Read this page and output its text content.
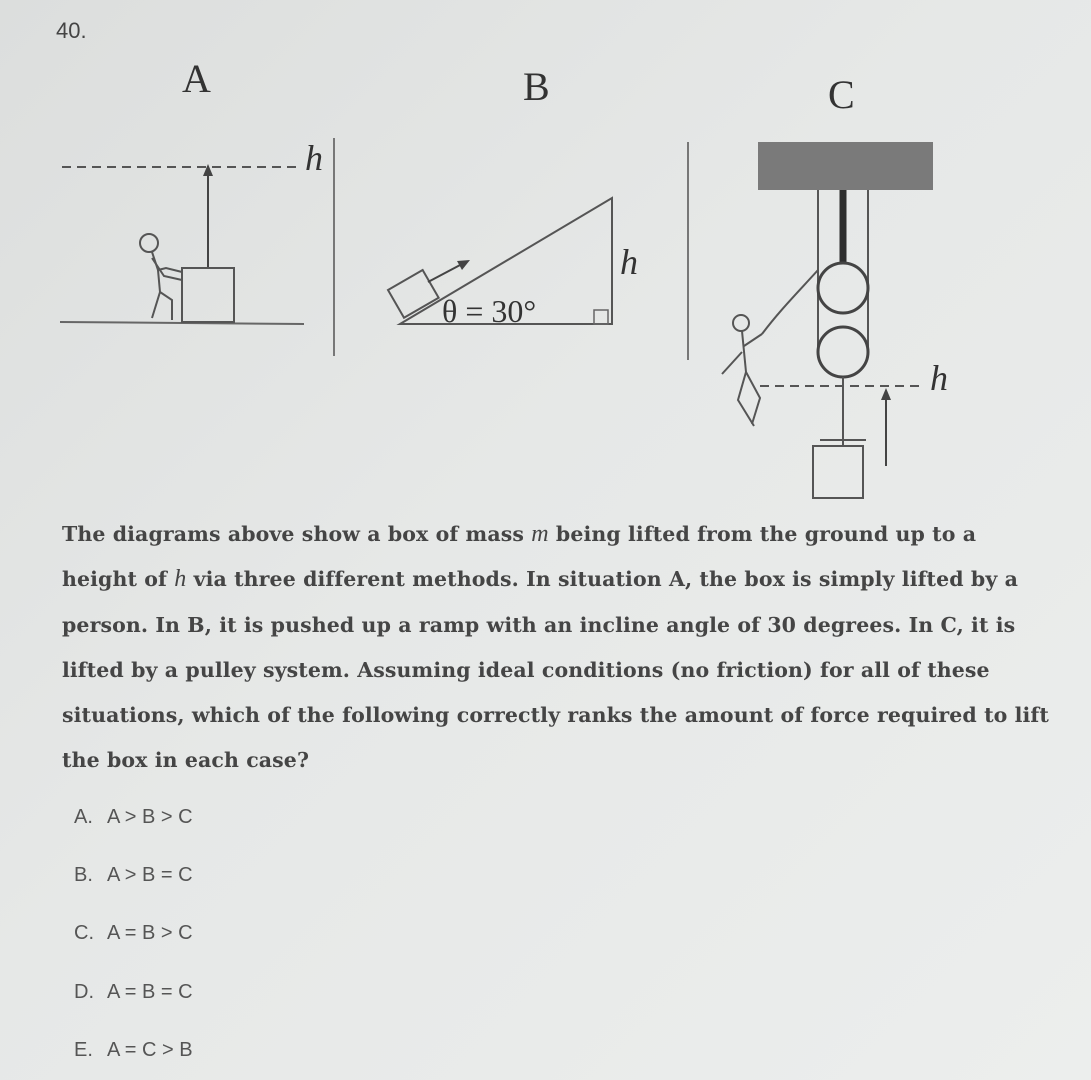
40.
A
h
B
θ = 30°
h
C
h
The diagrams above show a box of mass m being lifted from the ground up to a height of h via three different methods. In situation A, the box is simply lifted by a person. In B, it is pushed up a ramp with an incline angle of 30 degrees. In C, it is lifted by a pulley system. Assuming ideal conditions (no friction) for all of these situations, which of the following correctly ranks the amount of force required to lift the box in each case?
A. A > B > C
B. A > B = C
C. A = B > C
D. A = B = C
E. A = C > B
